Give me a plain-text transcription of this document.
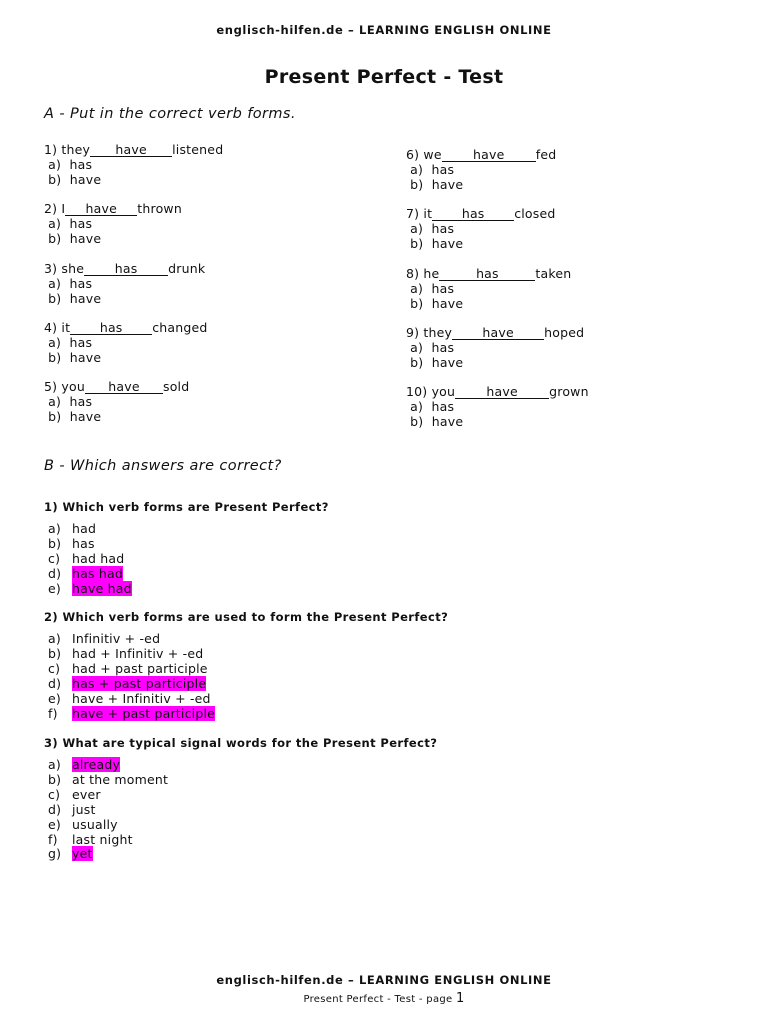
englisch-hilfen.de – LEARNING ENGLISH ONLINE
Present Perfect - Test
A - Put in the correct verb forms.
1) they have listened
a)  has
b)  have
2) I have thrown
a)  has
b)  have
3) she has drunk
a)  has
b)  have
4) it has changed
a)  has
b)  have
5) you have sold
a)  has
b)  have
6) we	have	fed
a)  has
b)  have
7) it has closed
a)  has
b)  have
8) he	has	taken
a)  has
b)  have
9) they have hoped
a)  has
b)  have
10) you	have	grown
a)  has
b)  have
B - Which answers are correct?
1) Which verb forms are Present Perfect?
a) had
b) has
c) had had
d) has had
e) have had
2) Which verb forms are used to form the Present Perfect?
a) Infinitiv + -ed
b) had + Infinitiv + -ed
c) had + past participle
d) has + past participle
e) have + Infinitiv + -ed
f) have + past participle
3) What are typical signal words for the Present Perfect?
a) already
b) at the moment
c) ever
d) just
e) usually
f) last night
g) yet
englisch-hilfen.de – LEARNING ENGLISH ONLINE
Present Perfect - Test - page 1
